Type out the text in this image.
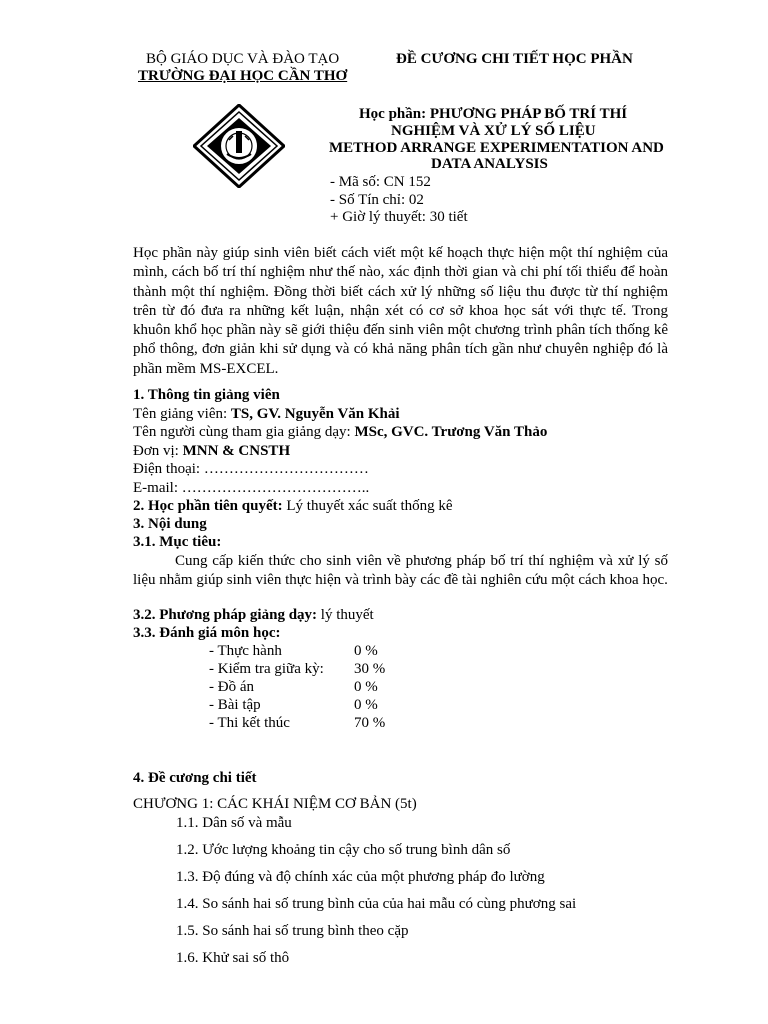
BỘ GIÁO DỤC VÀ ĐÀO TẠO
TRƯỜNG ĐẠI HỌC CẦN THƠ
ĐỀ CƯƠNG CHI TIẾT HỌC PHẦN
Học phần: PHƯƠNG PHÁP BỐ TRÍ THÍ
NGHIỆM VÀ XỬ LÝ SỐ LIỆU
METHOD ARRANGE EXPERIMENTATION AND
DATA ANALYSIS
- Mã số: CN 152
- Số Tín chỉ: 02
+ Giờ lý thuyết: 30 tiết
Học phần này giúp sinh viên biết cách viết một kế hoạch thực hiện một thí nghiệm của mình, cách bố trí thí nghiệm như thế nào, xác định thời gian và chi phí tối thiểu để hoàn thành một thí nghiệm. Đồng thời biết cách xử lý những số liệu thu được từ thí nghiệm trên từ đó đưa ra những kết luận, nhận xét có cơ sở khoa học sát với thực tế. Trong khuôn khổ học phần này sẽ giới thiệu đến sinh viên một chương trình phân tích thống kê phổ thông, đơn giản khi sử dụng và có khả năng phân tích gần như chuyên nghiệp đó là phần mềm MS-EXCEL.
1. Thông tin giảng viên
Tên giảng viên: TS, GV. Nguyễn Văn Khải
Tên người cùng tham gia giảng dạy: MSc, GVC. Trương Văn Thảo
Đơn vị: MNN & CNSTH
Điện thoại: ……………………………
E-mail: ………………………………..
2. Học phần tiên quyết: Lý thuyết xác suất thống kê
3. Nội dung
3.1. Mục tiêu:
Cung cấp kiến thức cho sinh viên về phương pháp bố trí thí nghiệm và xử lý số liệu nhằm giúp sinh viên thực hiện và trình bày các đề tài nghiên cứu một cách khoa học.
3.2. Phương pháp giảng dạy: lý thuyết
3.3. Đánh giá môn học:
- Thực hành	0 %
- Kiểm tra giữa kỳ: 30 %
- Đồ án	0 %
- Bài tập	0 %
- Thi kết thúc	70 %
4. Đề cương chi tiết
CHƯƠNG 1: CÁC KHÁI NIỆM CƠ BẢN (5t)
1.1. Dân số và mẫu
1.2. Ước lượng khoảng tin cậy cho số trung bình dân số
1.3. Độ đúng và độ chính xác của một phương pháp đo lường
1.4. So sánh hai số trung bình của của hai mẫu có cùng phương sai
1.5. So sánh hai số trung bình theo cặp
1.6. Khử sai số thô
